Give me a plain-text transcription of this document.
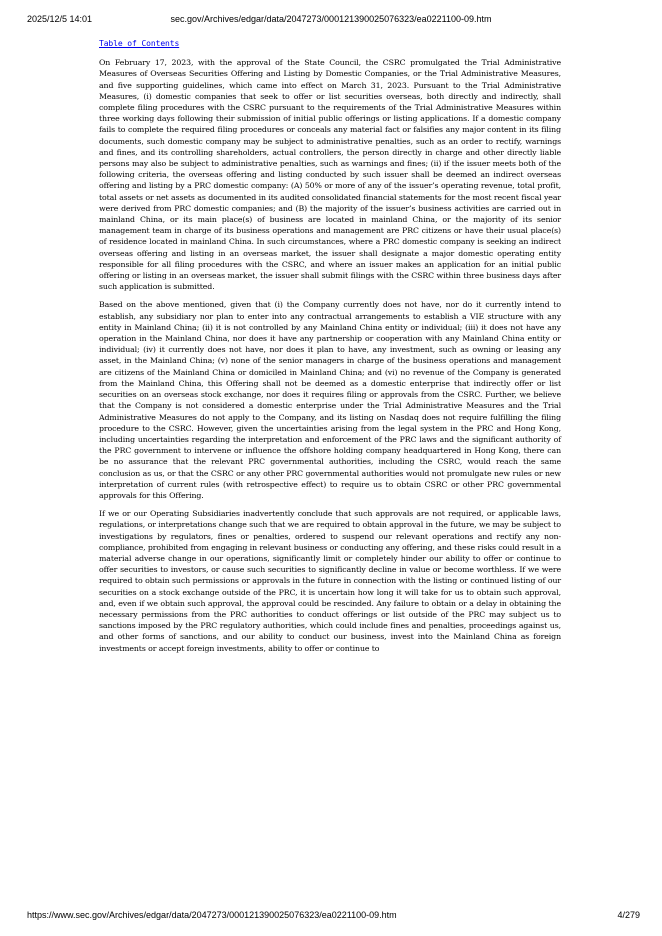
2025/12/5 14:01	sec.gov/Archives/edgar/data/2047273/000121390025076323/ea0221100-09.htm
Table of Contents

On February 17, 2023, with the approval of the State Council, the CSRC promulgated the Trial Administrative Measures of Overseas Securities Offering and Listing by Domestic Companies, or the Trial Administrative Measures, and five supporting guidelines, which came into effect on March 31, 2023. Pursuant to the Trial Administrative Measures, (i) domestic companies that seek to offer or list securities overseas, both directly and indirectly, shall complete filing procedures with the CSRC pursuant to the requirements of the Trial Administrative Measures within three working days following their submission of initial public offerings or listing applications. If a domestic company fails to complete the required filing procedures or conceals any material fact or falsifies any major content in its filing documents, such domestic company may be subject to administrative penalties, such as an order to rectify, warnings and fines, and its controlling shareholders, actual controllers, the person directly in charge and other directly liable persons may also be subject to administrative penalties, such as warnings and fines; (ii) if the issuer meets both of the following criteria, the overseas offering and listing conducted by such issuer shall be deemed an indirect overseas offering and listing by a PRC domestic company: (A) 50% or more of any of the issuer’s operating revenue, total profit, total assets or net assets as documented in its audited consolidated financial statements for the most recent fiscal year were derived from PRC domestic companies; and (B) the majority of the issuer’s business activities are carried out in mainland China, or its main place(s) of business are located in mainland China, or the majority of its senior management team in charge of its business operations and management are PRC citizens or have their usual place(s) of residence located in mainland China. In such circumstances, where a PRC domestic company is seeking an indirect overseas offering and listing in an overseas market, the issuer shall designate a major domestic operating entity responsible for all filing procedures with the CSRC, and where an issuer makes an application for an initial public offering or listing in an overseas market, the issuer shall submit filings with the CSRC within three business days after such application is submitted.

Based on the above mentioned, given that (i) the Company currently does not have, nor do it currently intend to establish, any subsidiary nor plan to enter into any contractual arrangements to establish a VIE structure with any entity in Mainland China; (ii) it is not controlled by any Mainland China entity or individual; (iii) it does not have any operation in the Mainland China, nor does it have any partnership or cooperation with any Mainland China entity or individual; (iv) it currently does not have, nor does it plan to have, any investment, such as owning or leasing any asset, in the Mainland China; (v) none of the senior managers in charge of the business operations and management are citizens of the Mainland China or domiciled in Mainland China; and (vi) no revenue of the Company is generated from the Mainland China, this Offering shall not be deemed as a domestic enterprise that indirectly offer or list securities on an overseas stock exchange, nor does it requires filing or approvals from the CSRC. Further, we believe that the Company is not considered a domestic enterprise under the Trial Administrative Measures and the Trial Administrative Measures do not apply to the Company, and its listing on Nasdaq does not require fulfilling the filing procedure to the CSRC. However, given the uncertainties arising from the legal system in the PRC and Hong Kong, including uncertainties regarding the interpretation and enforcement of the PRC laws and the significant authority of the PRC government to intervene or influence the offshore holding company headquartered in Hong Kong, there can be no assurance that the relevant PRC governmental authorities, including the CSRC, would reach the same conclusion as us, or that the CSRC or any other PRC governmental authorities would not promulgate new rules or new interpretation of current rules (with retrospective effect) to require us to obtain CSRC or other PRC governmental approvals for this Offering.

If we or our Operating Subsidiaries inadvertently conclude that such approvals are not required, or applicable laws, regulations, or interpretations change such that we are required to obtain approval in the future, we may be subject to investigations by regulators, fines or penalties, ordered to suspend our relevant operations and rectify any non-compliance, prohibited from engaging in relevant business or conducting any offering, and these risks could result in a material adverse change in our operations, significantly limit or completely hinder our ability to offer or continue to offer securities to investors, or cause such securities to significantly decline in value or become worthless. If we were required to obtain such permissions or approvals in the future in connection with the listing or continued listing of our securities on a stock exchange outside of the PRC, it is uncertain how long it will take for us to obtain such approval, and, even if we obtain such approval, the approval could be rescinded. Any failure to obtain or a delay in obtaining the necessary permissions from the PRC authorities to conduct offerings or list outside of the PRC may subject us to sanctions imposed by the PRC regulatory authorities, which could include fines and penalties, proceedings against us, and other forms of sanctions, and our ability to conduct our business, invest into the Mainland China as foreign investments or accept foreign investments, ability to offer or continue to

https://www.sec.gov/Archives/edgar/data/2047273/000121390025076323/ea0221100-09.htm	4/279
